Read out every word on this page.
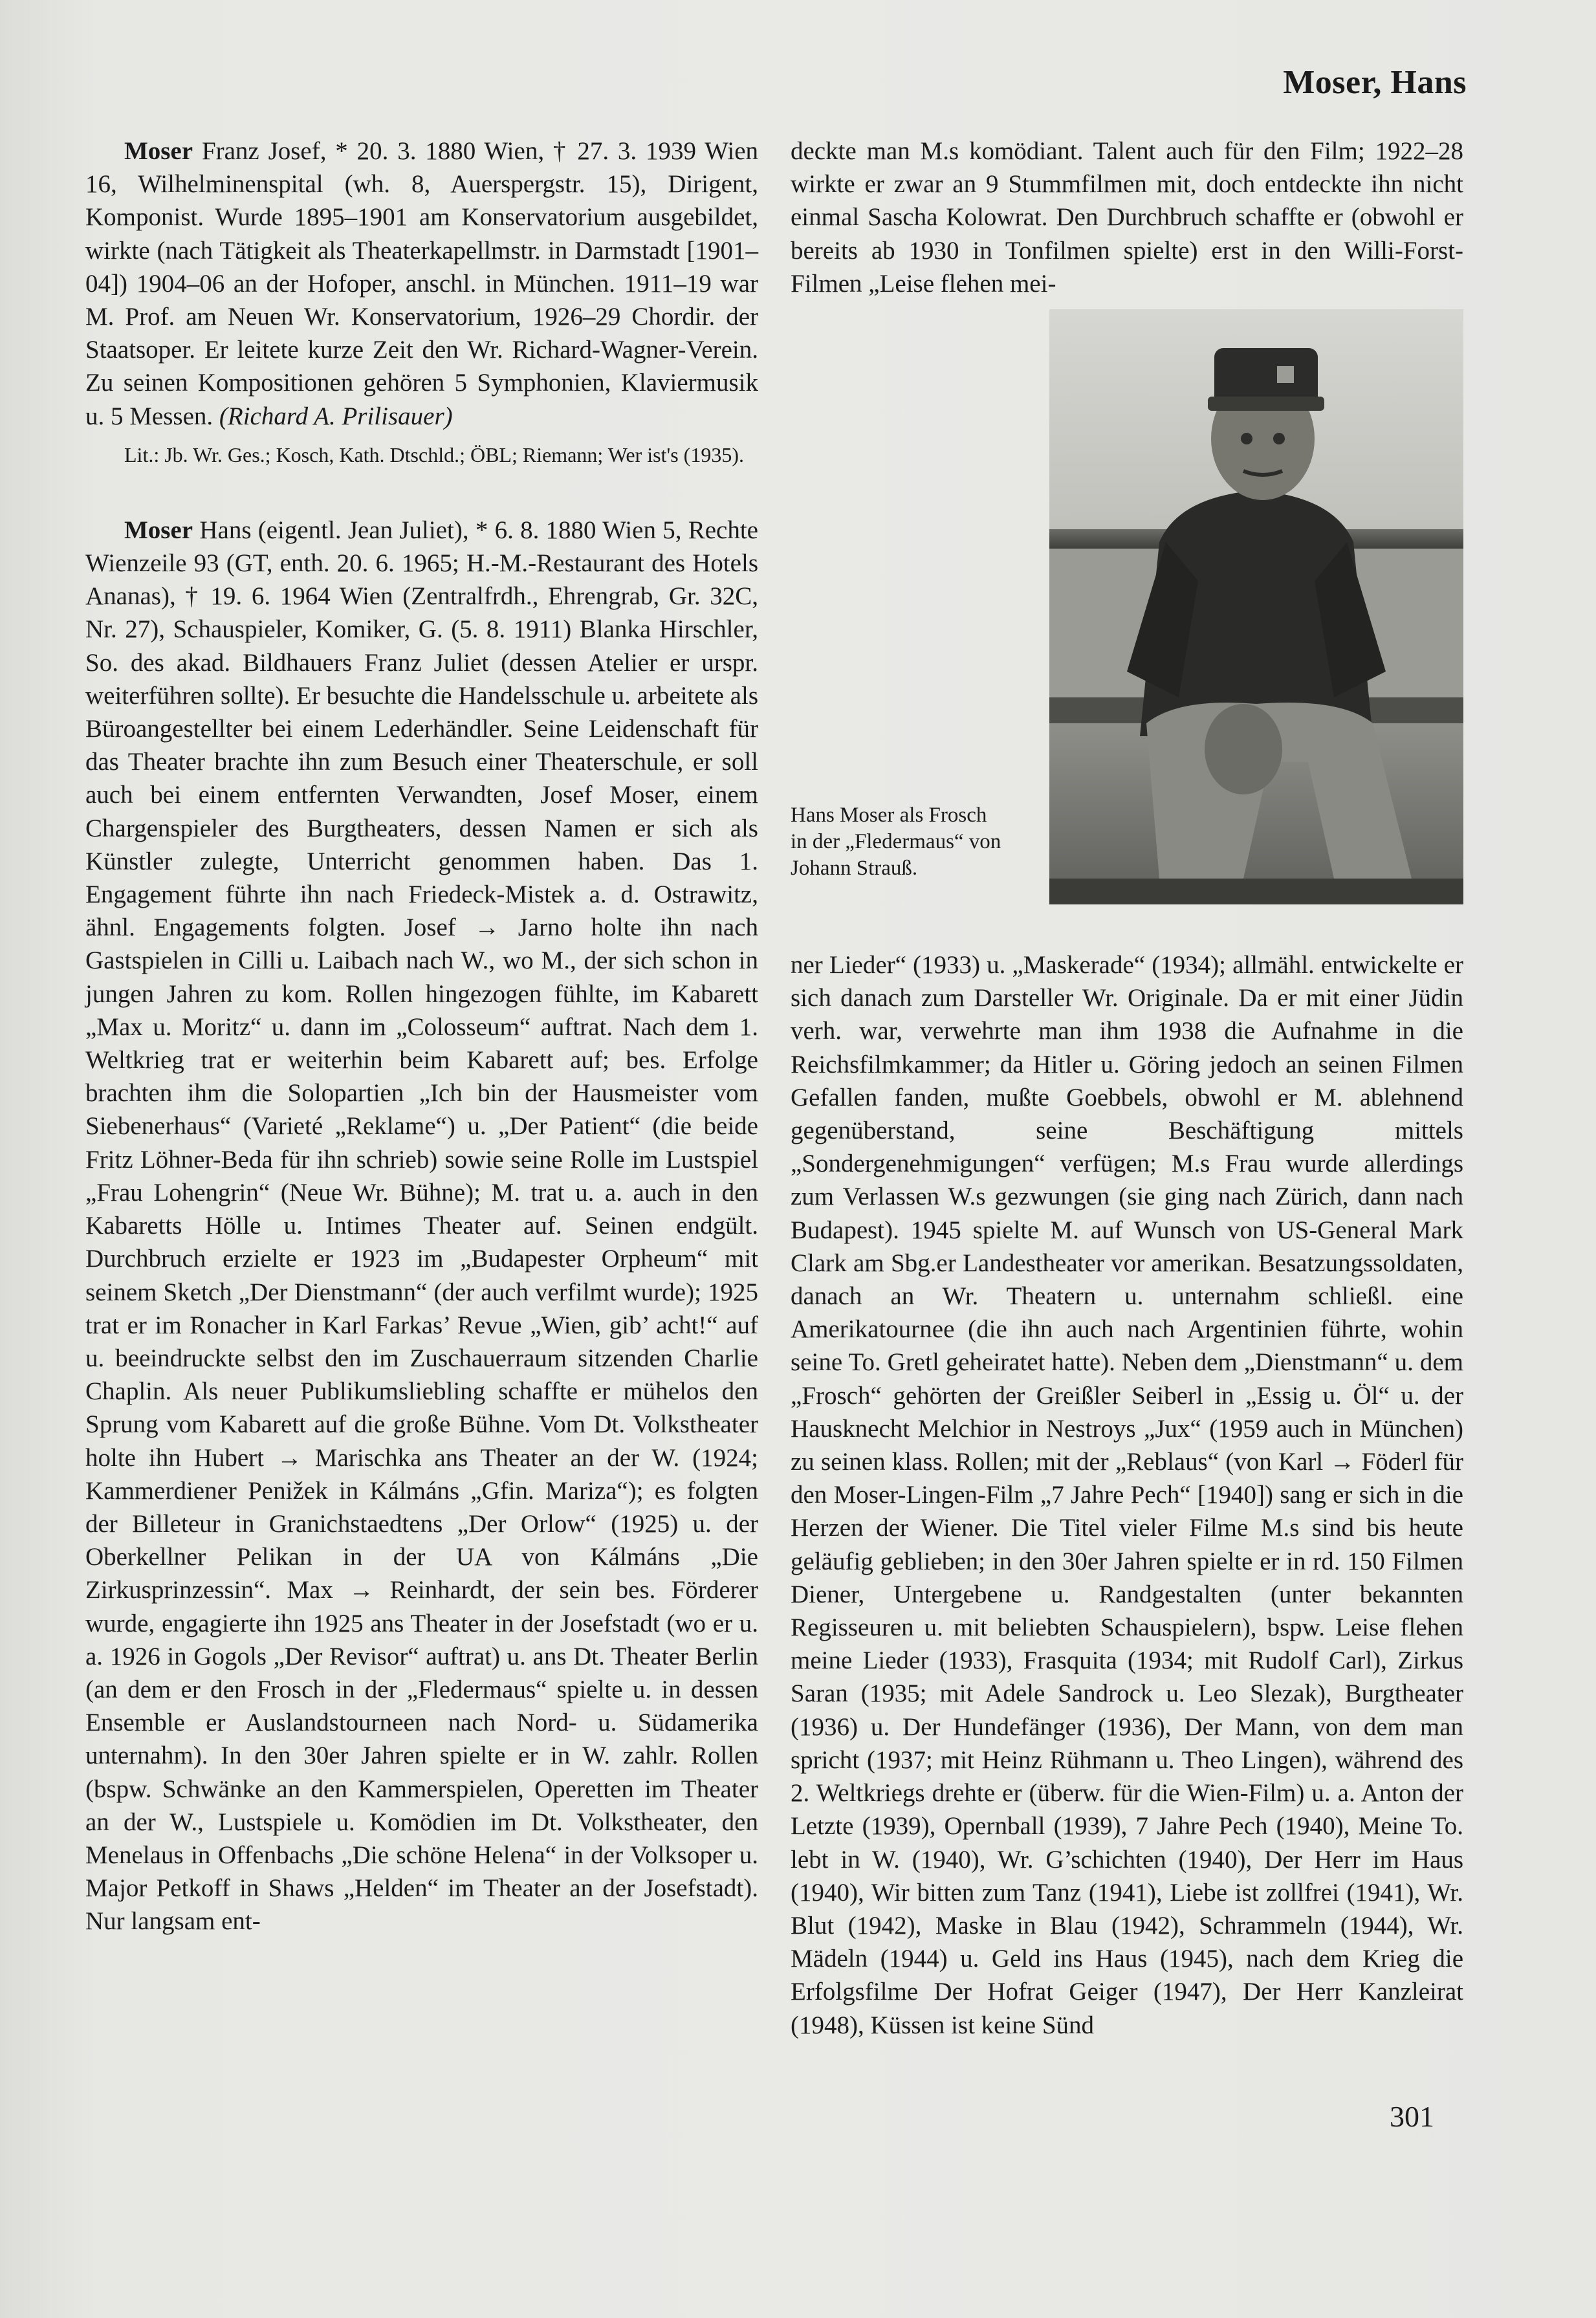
Moser, Hans

Moser Franz Josef, * 20. 3. 1880 Wien, † 27. 3. 1939 Wien 16, Wilhelminenspital (wh. 8, Auerspergstr. 15), Dirigent, Komponist. Wurde 1895–1901 am Konservatorium ausgebildet, wirkte (nach Tätigkeit als Theaterkapellmstr. in Darmstadt [1901–04]) 1904–06 an der Hofoper, anschl. in München. 1911–19 war M. Prof. am Neuen Wr. Konservatorium, 1926–29 Chordir. der Staatsoper. Er leitete kurze Zeit den Wr. Richard-Wagner-Verein. Zu seinen Kompositionen gehören 5 Symphonien, Klaviermusik u. 5 Messen. (Richard A. Prilisauer)

Lit.: Jb. Wr. Ges.; Kosch, Kath. Dtschld.; ÖBL; Riemann; Wer ist's (1935).

Moser Hans (eigentl. Jean Juliet), * 6. 8. 1880 Wien 5, Rechte Wienzeile 93 (GT, enth. 20. 6. 1965; H.-M.-Restaurant des Hotels Ananas), † 19. 6. 1964 Wien (Zentralfrdh., Ehrengrab, Gr. 32C, Nr. 27), Schauspieler, Komiker, G. (5. 8. 1911) Blanka Hirschler, So. des akad. Bildhauers Franz Juliet (dessen Atelier er urspr. weiterführen sollte). Er besuchte die Handelsschule u. arbeitete als Büroangestellter bei einem Lederhändler. Seine Leidenschaft für das Theater brachte ihn zum Besuch einer Theaterschule, er soll auch bei einem entfernten Verwandten, Josef Moser, einem Chargenspieler des Burgtheaters, dessen Namen er sich als Künstler zulegte, Unterricht genommen haben. Das 1. Engagement führte ihn nach Friedeck-Mistek a. d. Ostrawitz, ähnl. Engagements folgten. Josef → Jarno holte ihn nach Gastspielen in Cilli u. Laibach nach W., wo M., der sich schon in jungen Jahren zu kom. Rollen hingezogen fühlte, im Kabarett „Max u. Moritz“ u. dann im „Colosseum“ auftrat. Nach dem 1. Weltkrieg trat er weiterhin beim Kabarett auf; bes. Erfolge brachten ihm die Solopartien „Ich bin der Hausmeister vom Siebenerhaus“ (Varieté „Reklame“) u. „Der Patient“ (die beide Fritz Löhner-Beda für ihn schrieb) sowie seine Rolle im Lustspiel „Frau Lohengrin“ (Neue Wr. Bühne); M. trat u. a. auch in den Kabaretts Hölle u. Intimes Theater auf. Seinen endgült. Durchbruch erzielte er 1923 im „Budapester Orpheum“ mit seinem Sketch „Der Dienstmann“ (der auch verfilmt wurde); 1925 trat er im Ronacher in Karl Farkas’ Revue „Wien, gib’ acht!“ auf u. beeindruckte selbst den im Zuschauerraum sitzenden Charlie Chaplin. Als neuer Publikumsliebling schaffte er mühelos den Sprung vom Kabarett auf die große Bühne. Vom Dt. Volkstheater holte ihn Hubert → Marischka ans Theater an der W. (1924; Kammerdiener Penižek in Kálmáns „Gfin. Mariza“); es folgten der Billeteur in Granichstaedtens „Der Orlow“ (1925) u. der Oberkellner Pelikan in der UA von Kálmáns „Die Zirkusprinzessin“. Max → Reinhardt, der sein bes. Förderer wurde, engagierte ihn 1925 ans Theater in der Josefstadt (wo er u. a. 1926 in Gogols „Der Revisor“ auftrat) u. ans Dt. Theater Berlin (an dem er den Frosch in der „Fledermaus“ spielte u. in dessen Ensemble er Auslandstourneen nach Nord- u. Südamerika unternahm). In den 30er Jahren spielte er in W. zahlr. Rollen (bspw. Schwänke an den Kammerspielen, Operetten im Theater an der W., Lustspiele u. Komödien im Dt. Volkstheater, den Menelaus in Offenbachs „Die schöne Helena“ in der Volksoper u. Major Petkoff in Shaws „Helden“ im Theater an der Josefstadt). Nur langsam ent-

deckte man M.s komödiant. Talent auch für den Film; 1922–28 wirkte er zwar an 9 Stummfilmen mit, doch entdeckte ihn nicht einmal Sascha Kolowrat. Den Durchbruch schaffte er (obwohl er bereits ab 1930 in Tonfilmen spielte) erst in den Willi-Forst-Filmen „Leise flehen mei-

Hans Moser als Frosch in der „Fledermaus“ von Johann Strauß.

ner Lieder“ (1933) u. „Maskerade“ (1934); allmähl. entwickelte er sich danach zum Darsteller Wr. Originale. Da er mit einer Jüdin verh. war, verwehrte man ihm 1938 die Aufnahme in die Reichsfilmkammer; da Hitler u. Göring jedoch an seinen Filmen Gefallen fanden, mußte Goebbels, obwohl er M. ablehnend gegenüberstand, seine Beschäftigung mittels „Sondergenehmigungen“ verfügen; M.s Frau wurde allerdings zum Verlassen W.s gezwungen (sie ging nach Zürich, dann nach Budapest). 1945 spielte M. auf Wunsch von US-General Mark Clark am Sbg.er Landestheater vor amerikan. Besatzungssoldaten, danach an Wr. Theatern u. unternahm schließl. eine Amerikatournee (die ihn auch nach Argentinien führte, wohin seine To. Gretl geheiratet hatte). Neben dem „Dienstmann“ u. dem „Frosch“ gehörten der Greißler Seiberl in „Essig u. Öl“ u. der Hausknecht Melchior in Nestroys „Jux“ (1959 auch in München) zu seinen klass. Rollen; mit der „Reblaus“ (von Karl → Föderl für den Moser-Lingen-Film „7 Jahre Pech“ [1940]) sang er sich in die Herzen der Wiener. Die Titel vieler Filme M.s sind bis heute geläufig geblieben; in den 30er Jahren spielte er in rd. 150 Filmen Diener, Untergebene u. Randgestalten (unter bekannten Regisseuren u. mit beliebten Schauspielern), bspw. Leise flehen meine Lieder (1933), Frasquita (1934; mit Rudolf Carl), Zirkus Saran (1935; mit Adele Sandrock u. Leo Slezak), Burgtheater (1936) u. Der Hundefänger (1936), Der Mann, von dem man spricht (1937; mit Heinz Rühmann u. Theo Lingen), während des 2. Weltkriegs drehte er (überw. für die Wien-Film) u. a. Anton der Letzte (1939), Opernball (1939), 7 Jahre Pech (1940), Meine To. lebt in W. (1940), Wr. G’schichten (1940), Der Herr im Haus (1940), Wir bitten zum Tanz (1941), Liebe ist zollfrei (1941), Wr. Blut (1942), Maske in Blau (1942), Schrammeln (1944), Wr. Mädeln (1944) u. Geld ins Haus (1945), nach dem Krieg die Erfolgsfilme Der Hofrat Geiger (1947), Der Herr Kanzleirat (1948), Küssen ist keine Sünd

301
